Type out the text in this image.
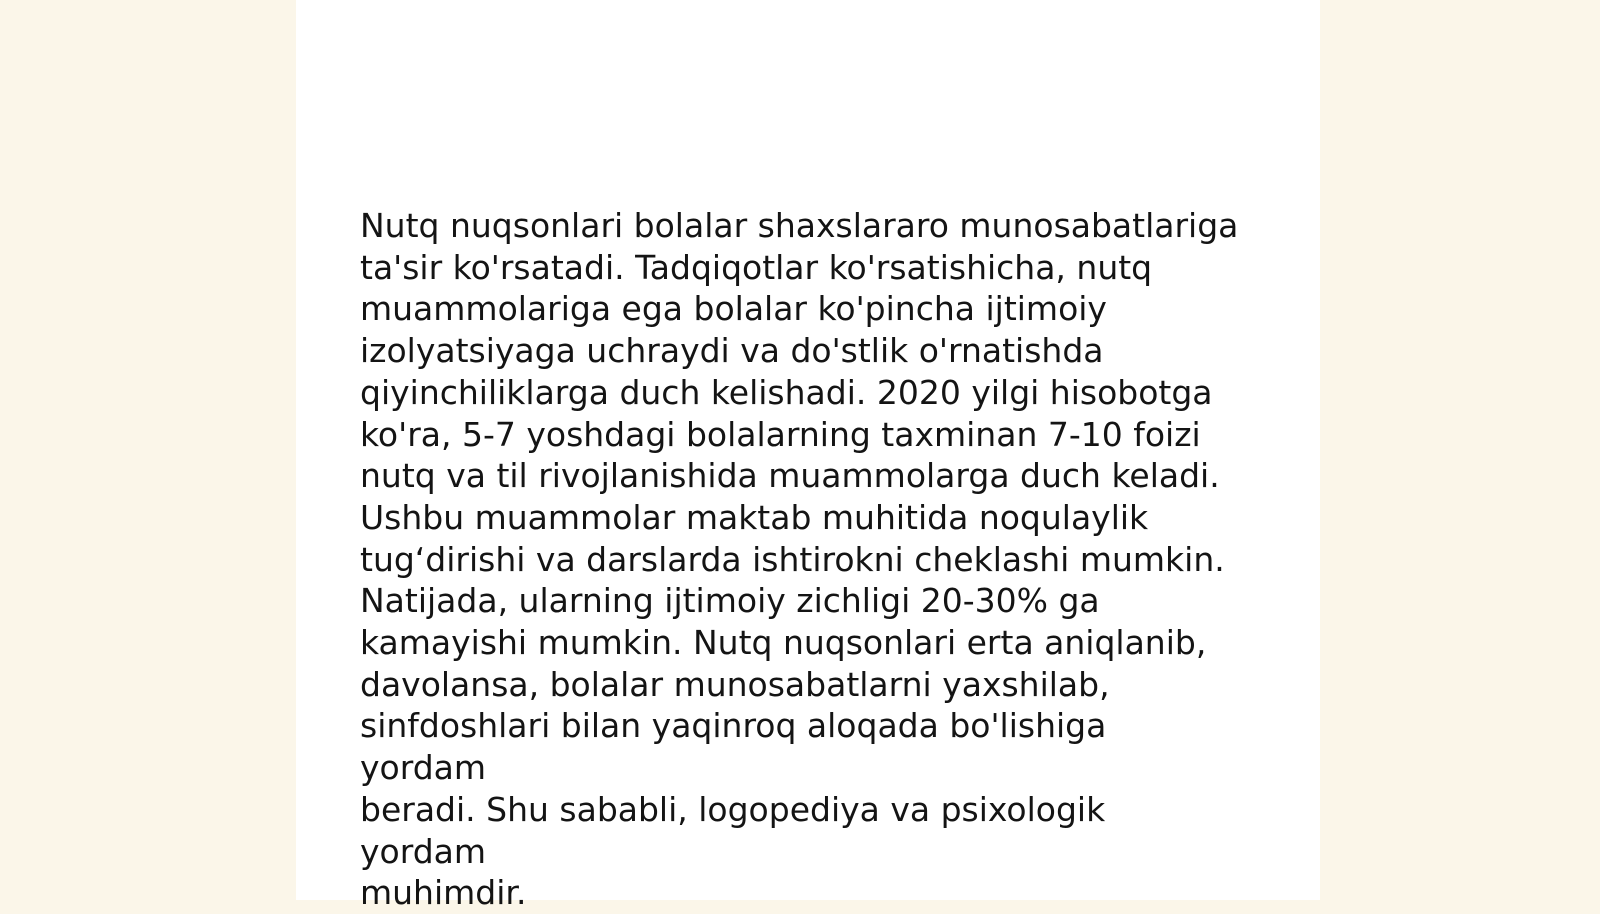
Nutq nuqsonlari bolalar shaxslararo munosabatlariga
ta'sir ko'rsatadi. Tadqiqotlar ko'rsatishicha, nutq
muammolariga ega bolalar ko'pincha ijtimoiy
izolyatsiyaga uchraydi va do'stlik o'rnatishda
qiyinchiliklarga duch kelishadi. 2020 yilgi hisobotga
ko'ra, 5-7 yoshdagi bolalarning taxminan 7-10 foizi
nutq va til rivojlanishida muammolarga duch keladi.
Ushbu muammolar maktab muhitida noqulaylik
tug‘dirishi va darslarda ishtirokni cheklashi mumkin.
Natijada, ularning ijtimoiy zichligi 20-30% ga
kamayishi mumkin. Nutq nuqsonlari erta aniqlanib,
davolansa, bolalar munosabatlarni yaxshilab,
sinfdoshlari bilan yaqinroq aloqada bo'lishiga yordam
beradi. Shu sababli, logopediya va psixologik yordam
muhimdir.
